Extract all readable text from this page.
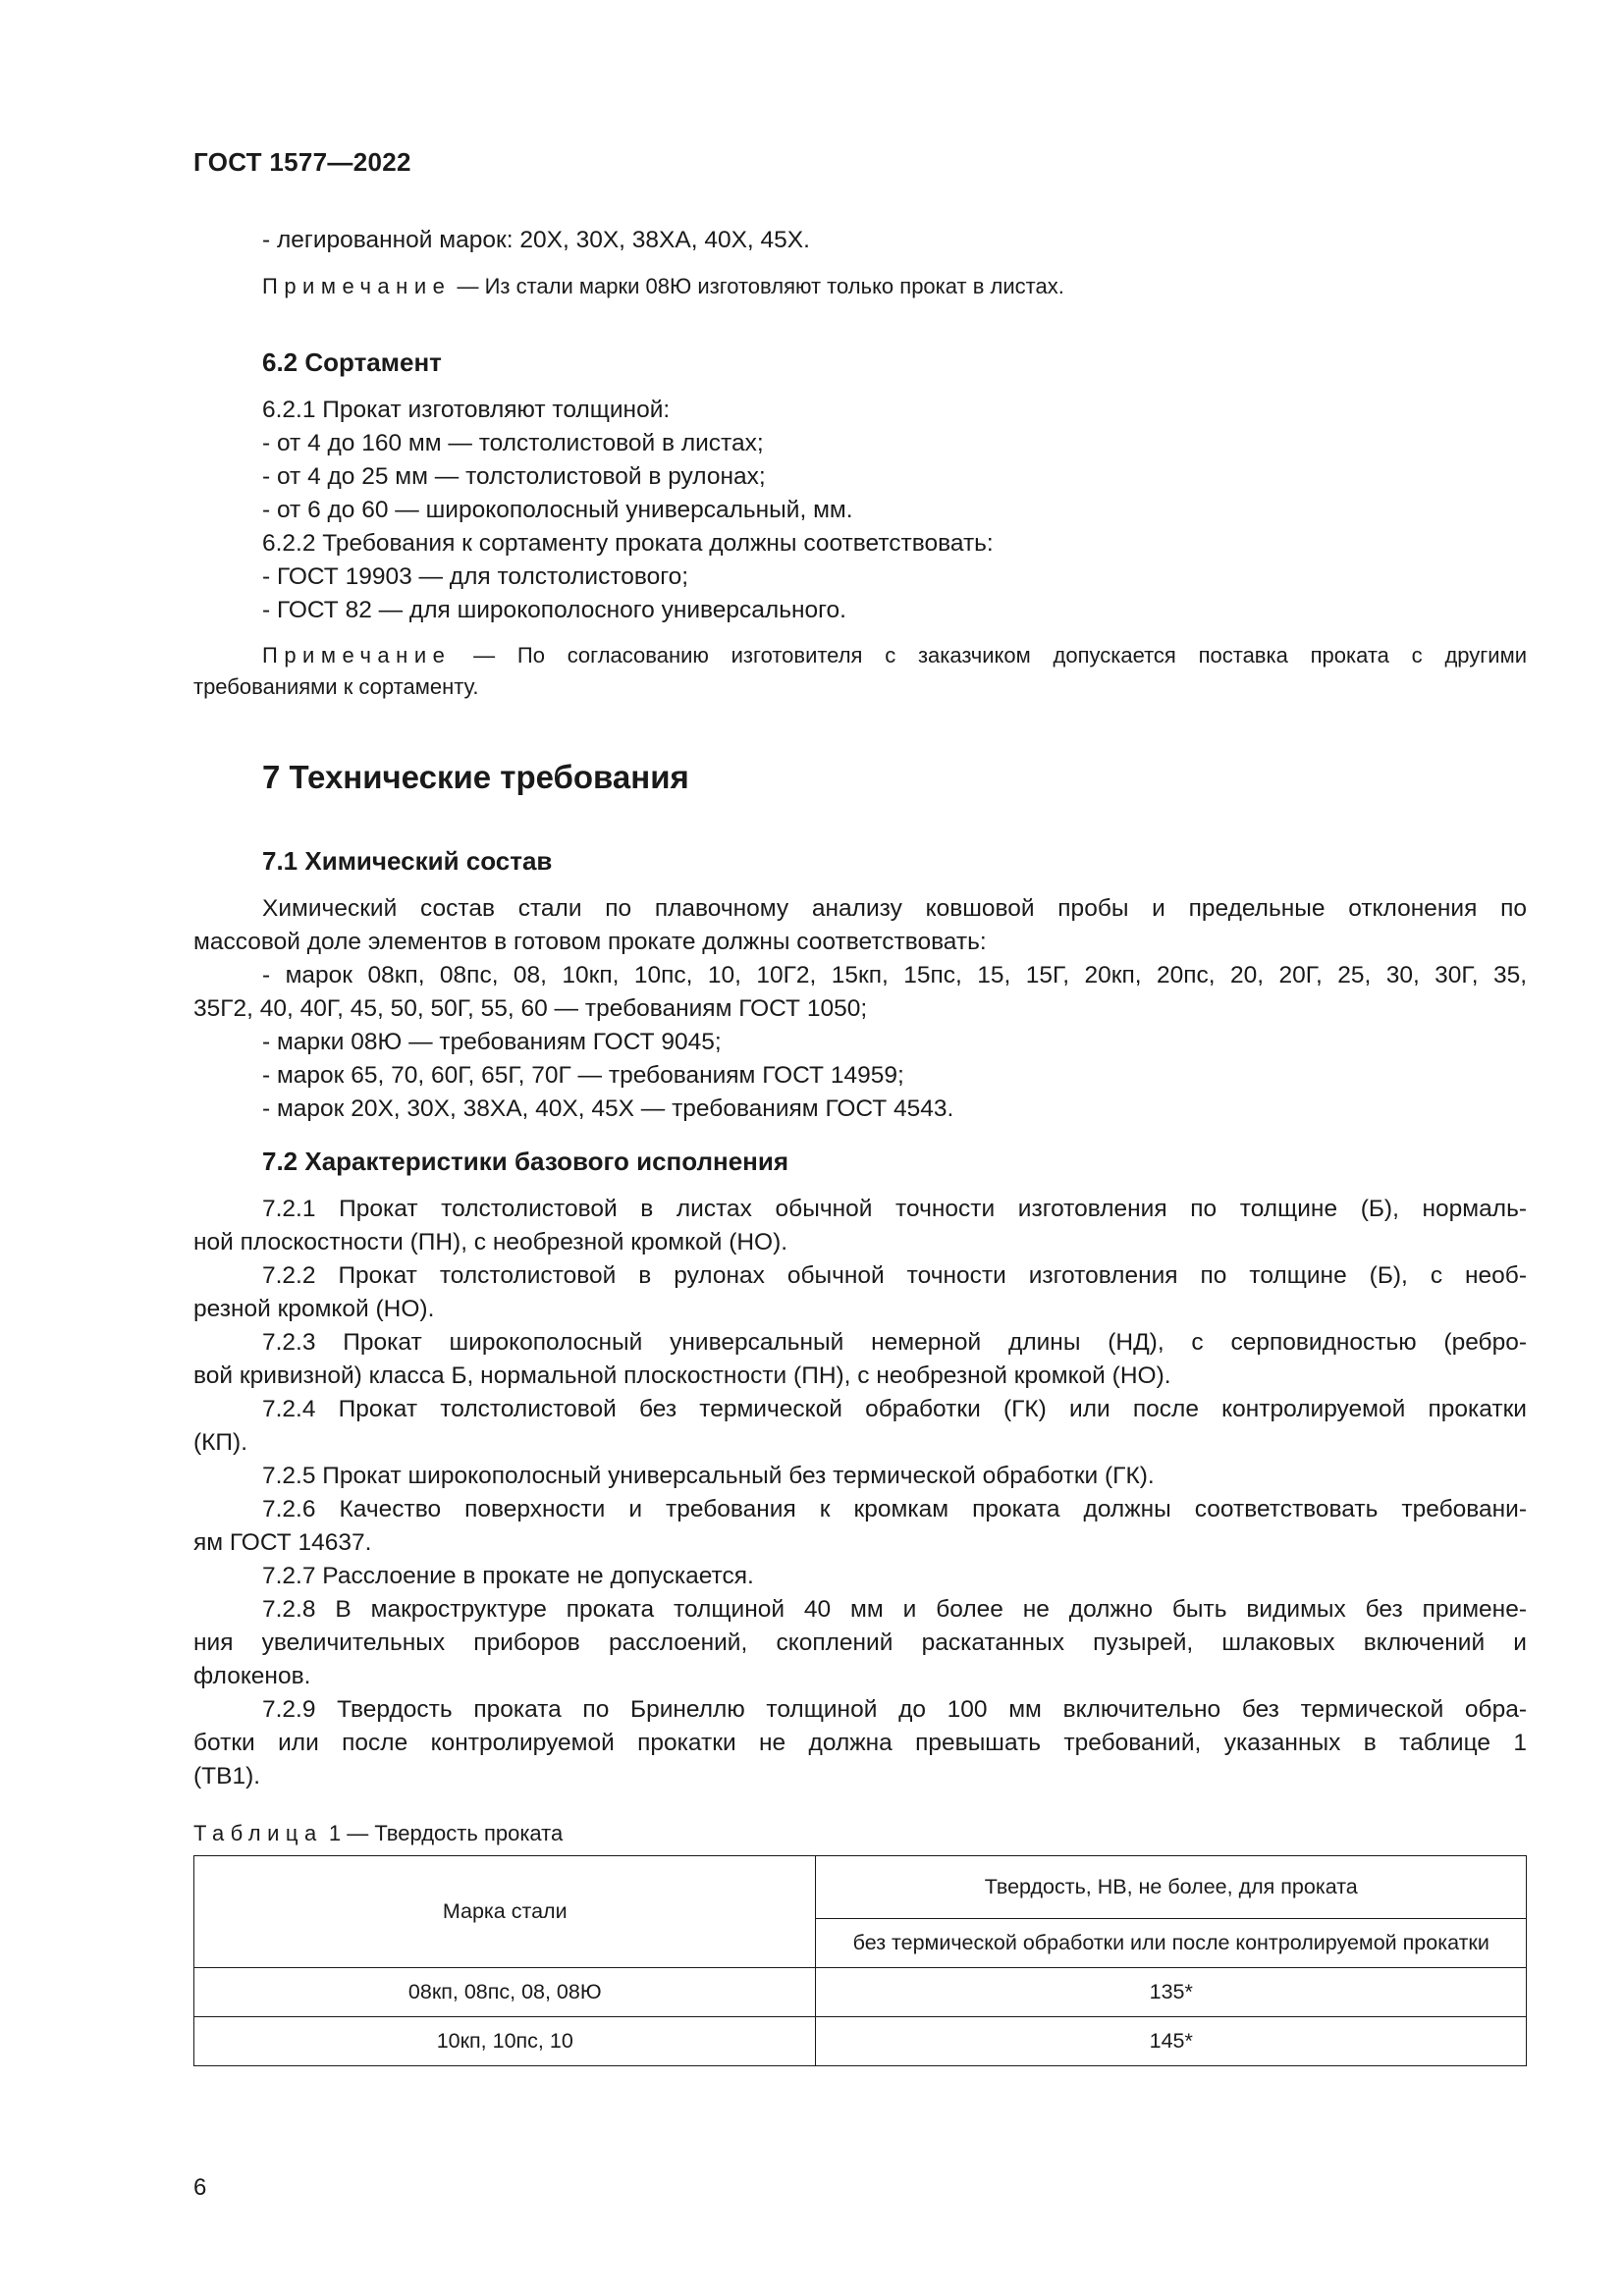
ГОСТ 1577—2022

- легированной марок: 20Х, 30Х, 38ХА, 40Х, 45Х.

Примечание — Из стали марки 08Ю изготовляют только прокат в листах.

6.2 Сортамент

6.2.1 Прокат изготовляют толщиной:

- от 4 до 160 мм — толстолистовой в листах;

- от 4 до 25 мм — толстолистовой в рулонах;

- от 6 до 60 — широкополосный универсальный, мм.

6.2.2 Требования к сортаменту проката должны соответствовать:

- ГОСТ 19903 — для толстолистового;

- ГОСТ 82 — для широкополосного универсального.

Примечание — По согласованию изготовителя с заказчиком допускается поставка проката с другими

требованиями к сортаменту.

7 Технические требования

7.1 Химический состав

Химический состав стали по плавочному анализу ковшовой пробы и предельные отклонения по

массовой доле элементов в готовом прокате должны соответствовать:

- марок 08кп, 08пс, 08, 10кп, 10пс, 10, 10Г2, 15кп, 15пс, 15, 15Г, 20кп, 20пс, 20, 20Г, 25, 30, 30Г, 35,

35Г2, 40, 40Г, 45, 50, 50Г, 55, 60 — требованиям ГОСТ 1050;

- марки 08Ю — требованиям ГОСТ 9045;

- марок 65, 70, 60Г, 65Г, 70Г — требованиям ГОСТ 14959;

- марок 20Х, 30Х, 38ХА, 40Х, 45Х — требованиям ГОСТ 4543.

7.2 Характеристики базового исполнения

7.2.1 Прокат толстолистовой в листах обычной точности изготовления по толщине (Б), нормаль-

ной плоскостности (ПН), с необрезной кромкой (НО).

7.2.2 Прокат толстолистовой в рулонах обычной точности изготовления по толщине (Б), с необ-

резной кромкой (НО).

7.2.3 Прокат широкополосный универсальный немерной длины (НД), с серповидностью (ребро-

вой кривизной) класса Б, нормальной плоскостности (ПН), с необрезной кромкой (НО).

7.2.4 Прокат толстолистовой без термической обработки (ГК) или после контролируемой прокатки

(КП).

7.2.5 Прокат широкополосный универсальный без термической обработки (ГК).

7.2.6 Качество поверхности и требования к кромкам проката должны соответствовать требовани-

ям ГОСТ 14637.

7.2.7 Расслоение в прокате не допускается.

7.2.8 В макроструктуре проката толщиной 40 мм и более не должно быть видимых без примене-

ния увеличительных приборов расслоений, скоплений раскатанных пузырей, шлаковых включений и

флокенов.

7.2.9 Твердость проката по Бринеллю толщиной до 100 мм включительно без термической обра-

ботки или после контролируемой прокатки не должна превышать требований, указанных в таблице 1

(ТВ1).

Таблица 1 — Твердость проката

Марка стали	Твердость, НВ, не более, для проката
	без термической обработки или после контролируемой прокатки
08кп, 08пс, 08, 08Ю	135*
10кп, 10пс, 10	145*
6
